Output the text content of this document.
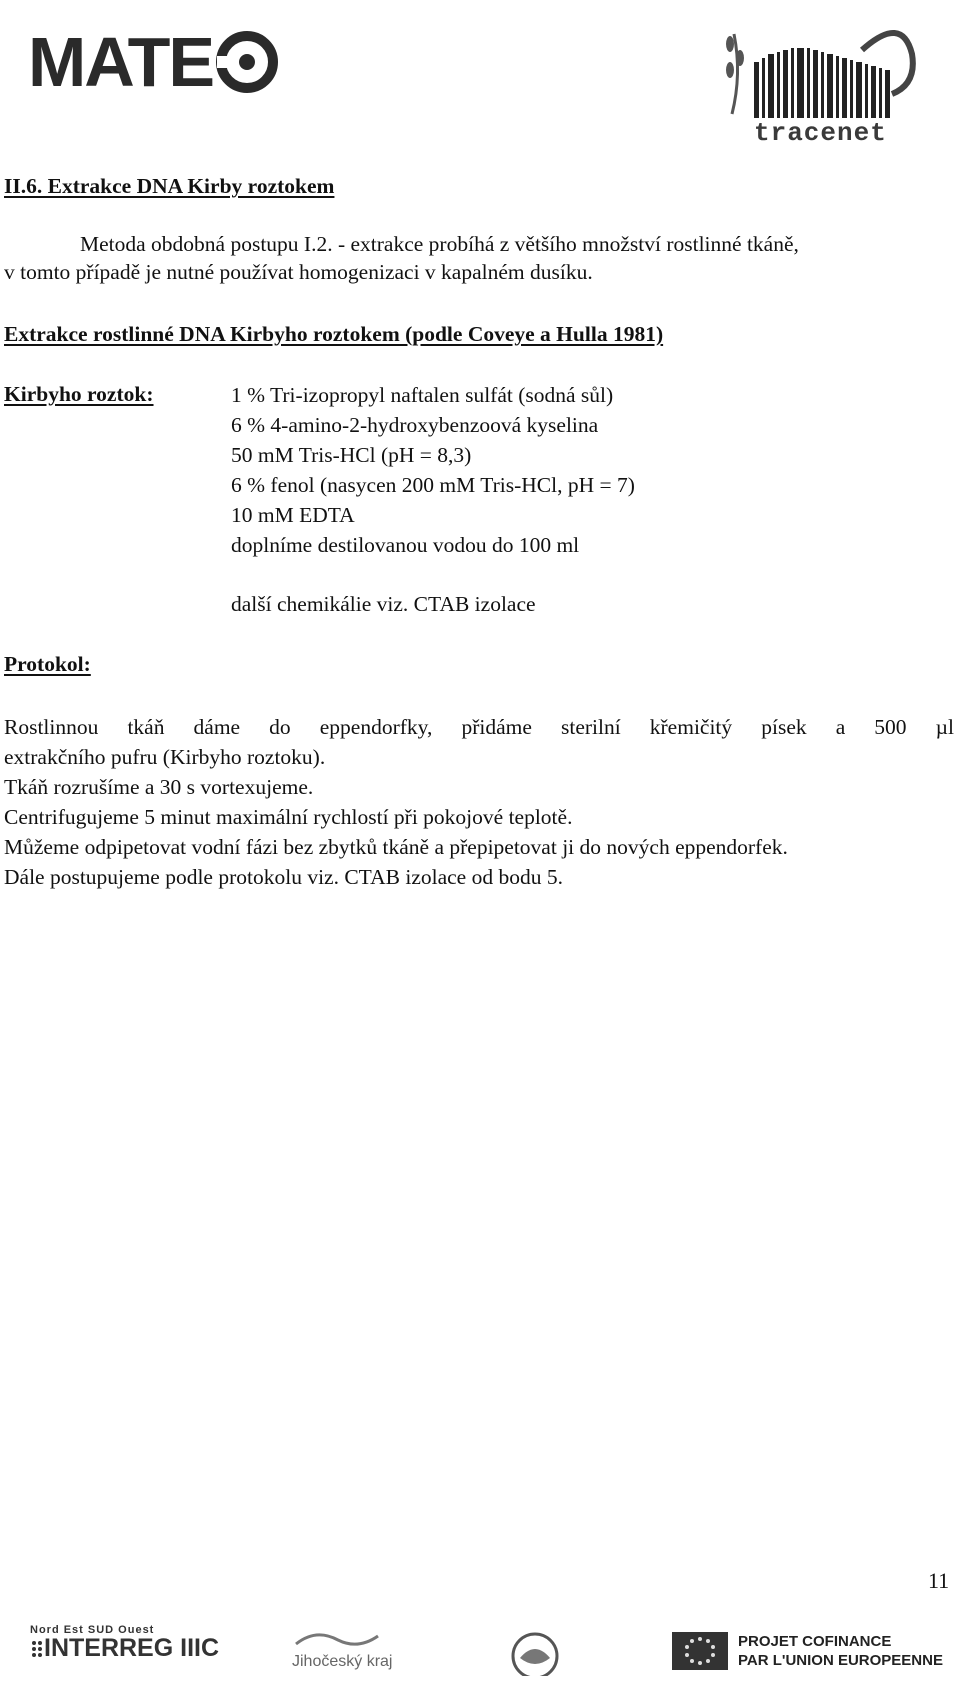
MATE
tracenet
II.6. Extrakce DNA Kirby roztokem
Metoda obdobná postupu I.2. - extrakce probíhá z většího množství rostlinné tkáně,
v tomto případě je nutné používat homogenizaci v kapalném dusíku.
Extrakce rostlinné DNA Kirbyho roztokem (podle Coveye a Hulla 1981)
Kirbyho roztok:	1 % Tri-izopropyl naftalen sulfát (sodná sůl)
6 % 4-amino-2-hydroxybenzoová kyselina
50 mM Tris-HCl (pH = 8,3)
6 % fenol (nasycen 200 mM Tris-HCl, pH = 7)
10 mM EDTA
doplníme destilovanou vodou do 100 ml
další chemikálie viz. CTAB izolace
Protokol:
Rostlinnou tkáň dáme do eppendorfky, přidáme sterilní křemičitý písek a 500 µl
extrakčního pufru (Kirbyho roztoku).
Tkáň rozrušíme a 30 s vortexujeme.
Centrifugujeme 5 minut maximální rychlostí při pokojové teplotě.
Můžeme odpipetovat vodní fázi bez zbytků tkáně a přepipetovat ji do nových eppendorfek.
Dále postupujeme podle protokolu viz. CTAB izolace od bodu 5.
11
Nord Est SUD Ouest
INTERREG IIIC	Jihočeský kraj
PROJET COFINANCE
PAR L'UNION EUROPEENNE
